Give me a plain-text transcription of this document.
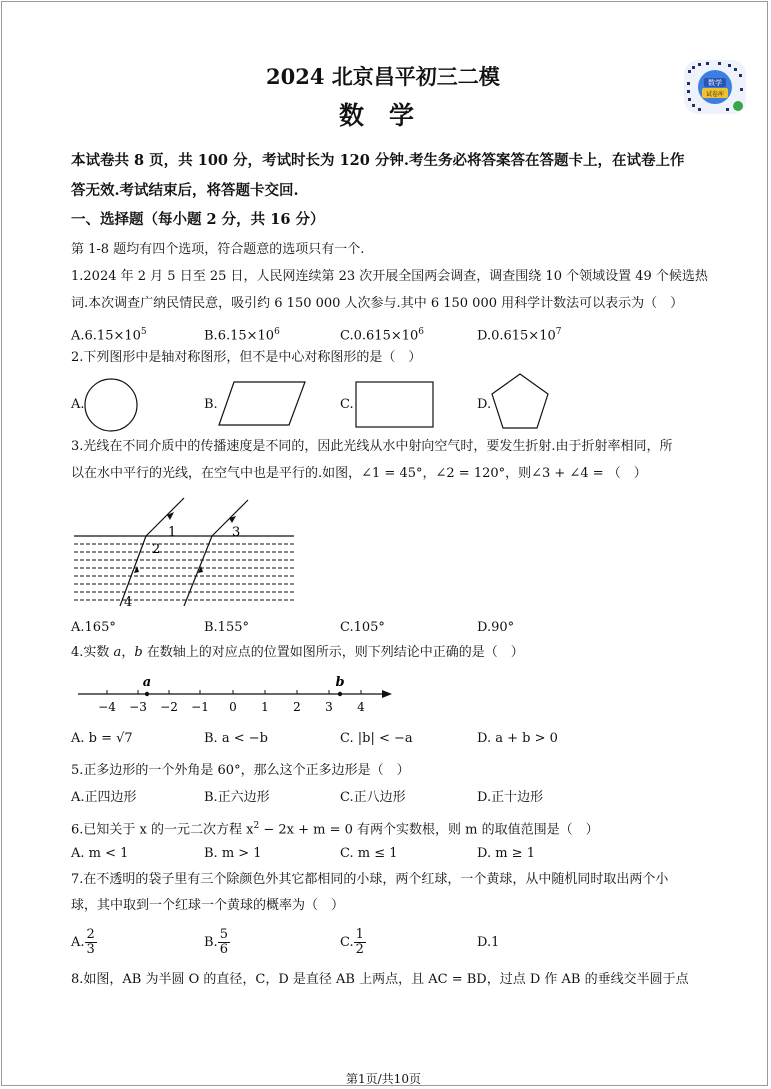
数学
试卷库
2024 北京昌平初三二模
数　学
本试卷共 8 页，共 100 分，考试时长为 120 分钟.考生务必将答案答在答题卡上，在试卷上作
答无效.考试结束后，将答题卡交回.
一、选择题（每小题 2 分，共 16 分）
第 1-8 题均有四个选项，符合题意的选项只有一个.
1.2024 年 2 月 5 日至 25 日，人民网连续第 23 次开展全国两会调查，调查围绕 10 个领域设置 49 个候选热
词.本次调查广纳民情民意，吸引约 6 150 000 人次参与.其中 6 150 000 用科学计数法可以表示为（　）
$A.6.15\times 10^5$	$B.6.15\times 10^6$	$C.0.615\times 10^6$	$D.0.615\times 10^7$
2.下列图形中是轴对称图形，但不是中心对称图形的是（　）
A.	B.	C.	D.
3.光线在不同介质中的传播速度是不同的，因此光线从水中射向空气时，要发生折射.由于折射率相同，所
以在水中平行的光线，在空气中也是平行的.如图，∠1 = 45°，∠2 = 120°，则∠3 + ∠4 = （　）
1
2
3
4
A.165°	B.155°	C.105°	D.90°
4.实数 a，b 在数轴上的对应点的位置如图所示，则下列结论中正确的是（　）
−4 −3 −2 −1 0 1 2 3 4
a	b
A. b = √7	B. a < −b	C. |b| < −a	D. a + b > 0
5.正多边形的一个外角是 60°，那么这个正多边形是（　）
A.正四边形	B.正六边形	C.正八边形	D.正十边形
6.已知关于 x 的一元二次方程 $x^2 - 2x + m = 0$ 有两个实数根，则 m 的取值范围是（　）
A. m < 1	B. m > 1	C. m ≤ 1	D. m ≥ 1
7.在不透明的袋子里有三个除颜色外其它都相同的小球，两个红球，一个黄球，从中随机同时取出两个小
球，其中取到一个红球一个黄球的概率为（　）
A. $\frac{2}{3}$	B. $\frac{5}{6}$	C. $\frac{1}{2}$	D.1
8.如图，AB 为半圆 O 的直径，C，D 是直径 AB 上两点，且 AC = BD，过点 D 作 AB 的垂线交半圆于点
第1页/共10页
